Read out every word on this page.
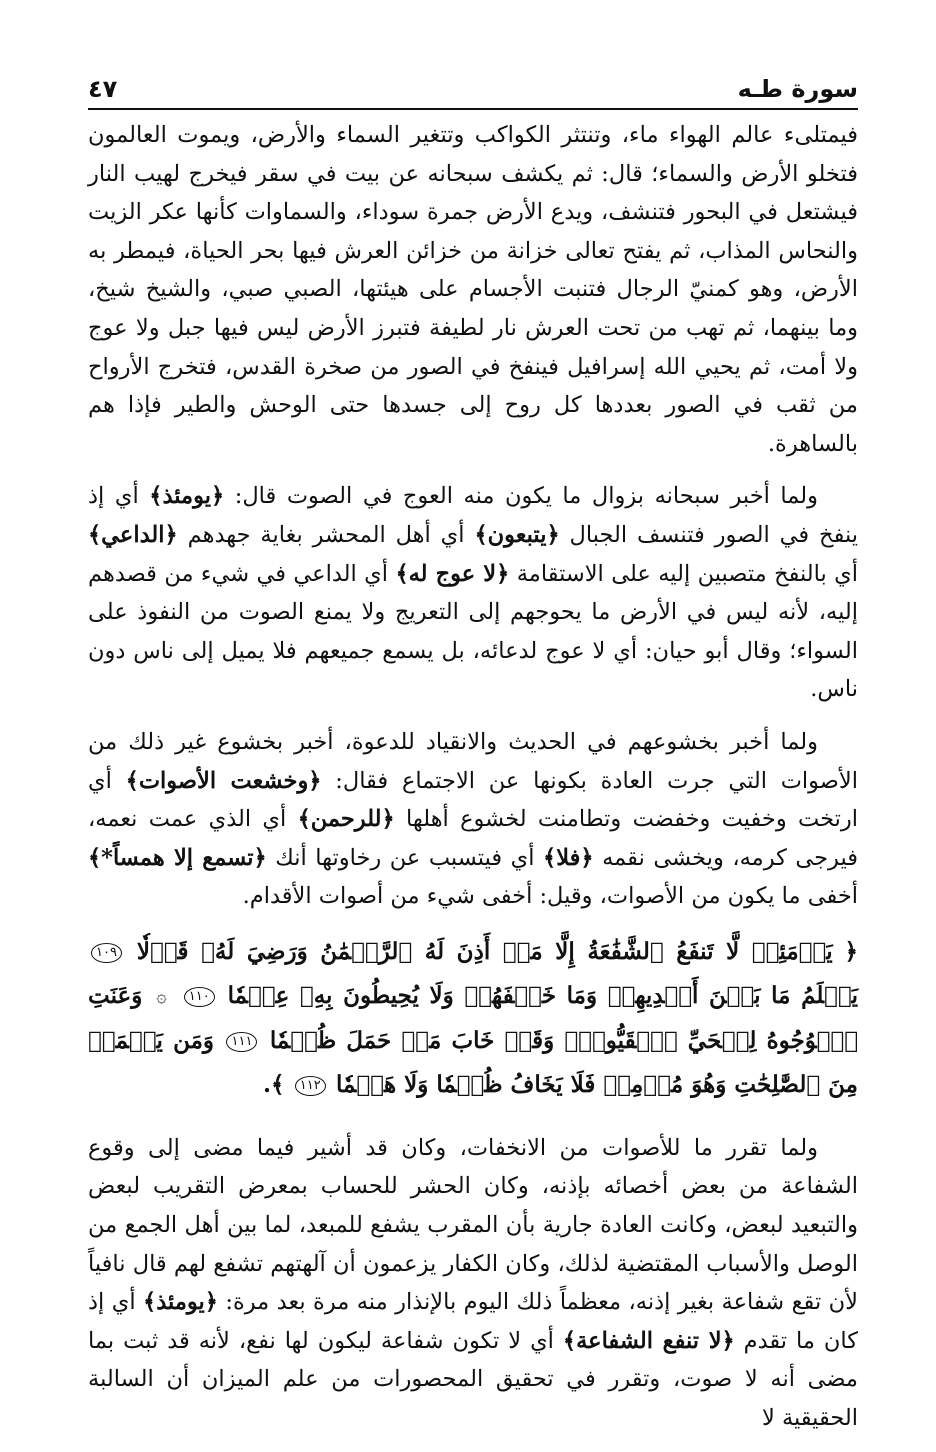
سورة طـه
٤٧

فيمتلىء عالم الهواء ماء، وتنتثر الكواكب وتتغير السماء والأرض، ويموت العالمون فتخلو الأرض والسماء؛ قال: ثم يكشف سبحانه عن بيت في سقر فيخرج لهيب النار فيشتعل في البحور فتنشف، ويدع الأرض جمرة سوداء، والسماوات كأنها عكر الزيت والنحاس المذاب، ثم يفتح تعالى خزانة من خزائن العرش فيها بحر الحياة، فيمطر به الأرض، وهو كمنيّ الرجال فتنبت الأجسام على هيئتها، الصبي صبي، والشيخ شيخ، وما بينهما، ثم تهب من تحت العرش نار لطيفة فتبرز الأرض ليس فيها جبل ولا عوج ولا أمت، ثم يحيي الله إسرافيل فينفخ في الصور من صخرة القدس، فتخرج الأرواح من ثقب في الصور بعددها كل روح إلى جسدها حتى الوحش والطير فإذا هم بالساهرة.

ولما أخبر سبحانه بزوال ما يكون منه العوج في الصوت قال: ﴿يومئذ﴾ أي إذ ينفخ في الصور فتنسف الجبال ﴿يتبعون﴾ أي أهل المحشر بغاية جهدهم ﴿الداعي﴾ أي بالنفخ متصبين إليه على الاستقامة ﴿لا عوج له﴾ أي الداعي في شيء من قصدهم إليه، لأنه ليس في الأرض ما يحوجهم إلى التعريج ولا يمنع الصوت من النفوذ على السواء؛ وقال أبو حيان: أي لا عوج لدعائه، بل يسمع جميعهم فلا يميل إلى ناس دون ناس.

ولما أخبر بخشوعهم في الحديث والانقياد للدعوة، أخبر بخشوع غير ذلك من الأصوات التي جرت العادة بكونها عن الاجتماع فقال: ﴿وخشعت الأصوات﴾ أي ارتخت وخفيت وخفضت وتطامنت لخشوع أهلها ﴿للرحمن﴾ أي الذي عمت نعمه، فيرجى كرمه، ويخشى نقمه ﴿فلا﴾ أي فيتسبب عن رخاوتها أنك ﴿تسمع إلا همساً*﴾ أخفى ما يكون من الأصوات، وقيل: أخفى شيء من أصوات الأقدام.

﴿ يَوۡمَئِذٖ لَّا تَنفَعُ ٱلشَّفَٰعَةُ إِلَّا مَنۡ أَذِنَ لَهُ ٱلرَّحۡمَٰنُ وَرَضِيَ لَهُۥ قَوۡلٗا ١٠٩ يَعۡلَمُ مَا بَيۡنَ أَيۡدِيهِمۡ وَمَا خَلۡفَهُمۡ وَلَا يُحِيطُونَ بِهِۦ عِلۡمٗا ١١٠ ۞ وَعَنَتِ ٱلۡوُجُوهُ لِلۡحَيِّ ٱلۡقَيُّومِۖ وَقَدۡ خَابَ مَنۡ حَمَلَ ظُلۡمٗا ١١١ وَمَن يَعۡمَلۡ مِنَ ٱلصَّٰلِحَٰتِ وَهُوَ مُؤۡمِنٞ فَلَا يَخَافُ ظُلۡمٗا وَلَا هَضۡمٗا ١١٢ ﴾.

ولما تقرر ما للأصوات من الانخفات، وكان قد أشير فيما مضى إلى وقوع الشفاعة من بعض أخصائه بإذنه، وكان الحشر للحساب بمعرض التقريب لبعض والتبعيد لبعض، وكانت العادة جارية بأن المقرب يشفع للمبعد، لما بين أهل الجمع من الوصل والأسباب المقتضية لذلك، وكان الكفار يزعمون أن آلهتهم تشفع لهم قال نافياً لأن تقع شفاعة بغير إذنه، معظماً ذلك اليوم بالإنذار منه مرة بعد مرة: ﴿يومئذ﴾ أي إذ كان ما تقدم ﴿لا تنفع الشفاعة﴾ أي لا تكون شفاعة ليكون لها نفع، لأنه قد ثبت بما مضى أنه لا صوت، وتقرر في تحقيق المحصورات من علم الميزان أن السالبة الحقيقية لا
